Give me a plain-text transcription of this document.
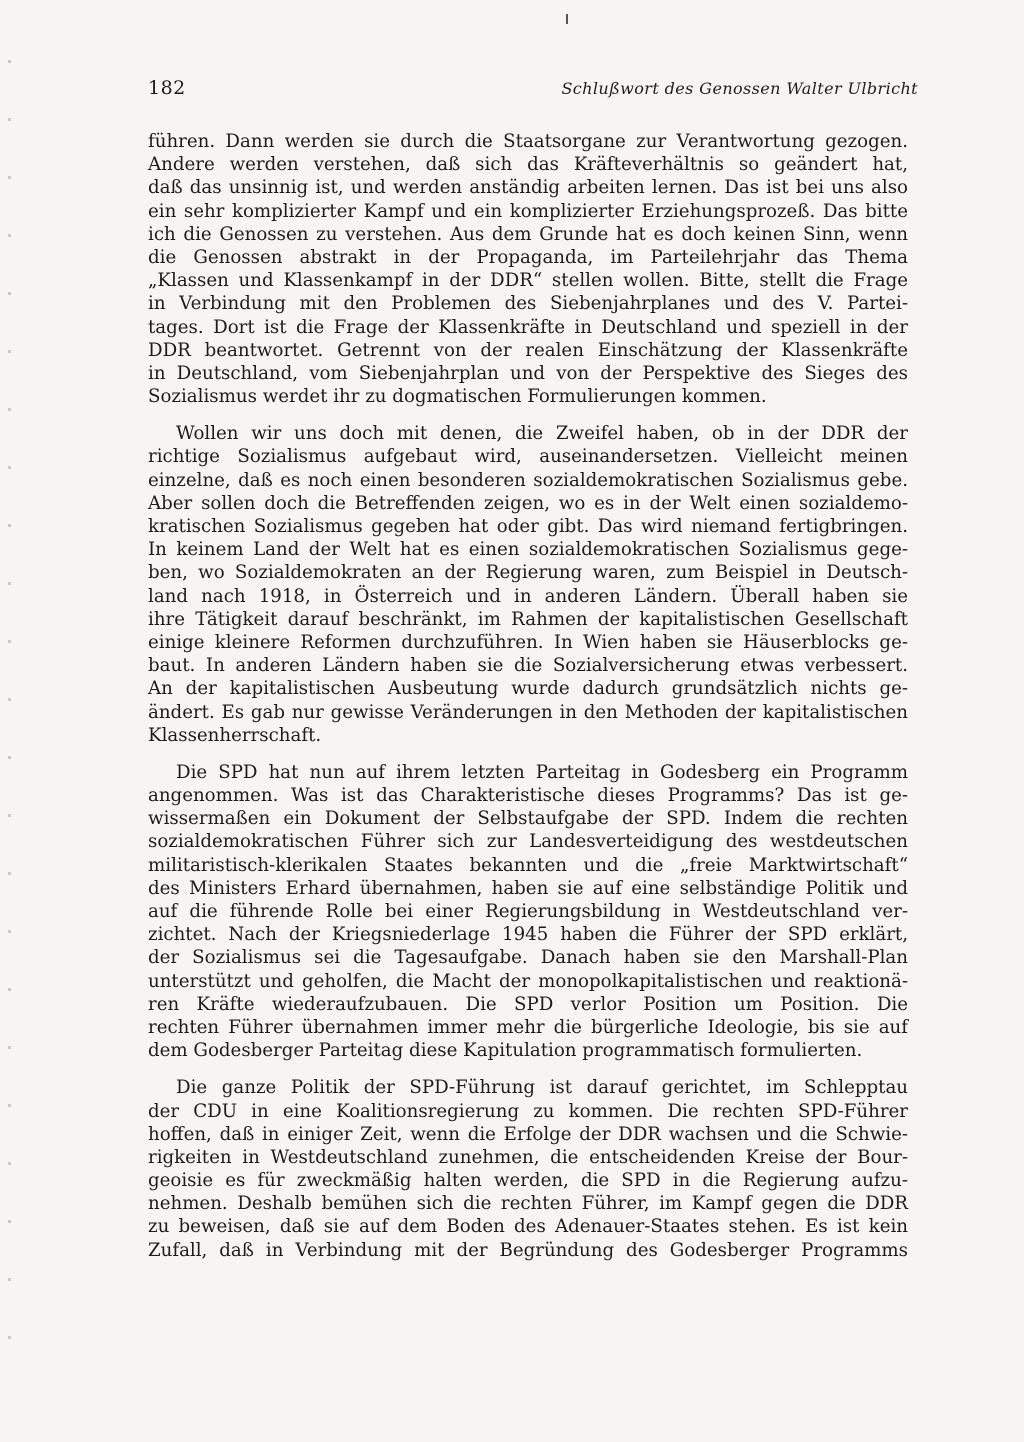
182	Schlußwort des Genossen Walter Ulbricht

führen. Dann werden sie durch die Staatsorgane zur Verantwortung gezogen.
Andere werden verstehen, daß sich das Kräfteverhältnis so geändert hat,
daß das unsinnig ist, und werden anständig arbeiten lernen. Das ist bei uns also
ein sehr komplizierter Kampf und ein komplizierter Erziehungsprozeß. Das bitte
ich die Genossen zu verstehen. Aus dem Grunde hat es doch keinen Sinn, wenn
die Genossen abstrakt in der Propaganda, im Parteilehrjahr das Thema
„Klassen und Klassenkampf in der DDR“ stellen wollen. Bitte, stellt die Frage
in Verbindung mit den Problemen des Siebenjahrplanes und des V. Partei-
tages. Dort ist die Frage der Klassenkräfte in Deutschland und speziell in der
DDR beantwortet. Getrennt von der realen Einschätzung der Klassenkräfte
in Deutschland, vom Siebenjahrplan und von der Perspektive des Sieges des
Sozialismus werdet ihr zu dogmatischen Formulierungen kommen.

Wollen wir uns doch mit denen, die Zweifel haben, ob in der DDR der
richtige Sozialismus aufgebaut wird, auseinandersetzen. Vielleicht meinen
einzelne, daß es noch einen besonderen sozialdemokratischen Sozialismus gebe.
Aber sollen doch die Betreffenden zeigen, wo es in der Welt einen sozialdemo-
kratischen Sozialismus gegeben hat oder gibt. Das wird niemand fertigbringen.
In keinem Land der Welt hat es einen sozialdemokratischen Sozialismus gege-
ben, wo Sozialdemokraten an der Regierung waren, zum Beispiel in Deutsch-
land nach 1918, in Österreich und in anderen Ländern. Überall haben sie
ihre Tätigkeit darauf beschränkt, im Rahmen der kapitalistischen Gesellschaft
einige kleinere Reformen durchzuführen. In Wien haben sie Häuserblocks ge-
baut. In anderen Ländern haben sie die Sozialversicherung etwas verbessert.
An der kapitalistischen Ausbeutung wurde dadurch grundsätzlich nichts ge-
ändert. Es gab nur gewisse Veränderungen in den Methoden der kapitalistischen
Klassenherrschaft.

Die SPD hat nun auf ihrem letzten Parteitag in Godesberg ein Programm
angenommen. Was ist das Charakteristische dieses Programms? Das ist ge-
wissermaßen ein Dokument der Selbstaufgabe der SPD. Indem die rechten
sozialdemokratischen Führer sich zur Landesverteidigung des westdeutschen
militaristisch-klerikalen Staates bekannten und die „freie Marktwirtschaft“
des Ministers Erhard übernahmen, haben sie auf eine selbständige Politik und
auf die führende Rolle bei einer Regierungsbildung in Westdeutschland ver-
zichtet. Nach der Kriegsniederlage 1945 haben die Führer der SPD erklärt,
der Sozialismus sei die Tagesaufgabe. Danach haben sie den Marshall-Plan
unterstützt und geholfen, die Macht der monopolkapitalistischen und reaktionä-
ren Kräfte wiederaufzubauen. Die SPD verlor Position um Position. Die
rechten Führer übernahmen immer mehr die bürgerliche Ideologie, bis sie auf
dem Godesberger Parteitag diese Kapitulation programmatisch formulierten.

Die ganze Politik der SPD-Führung ist darauf gerichtet, im Schlepptau
der CDU in eine Koalitionsregierung zu kommen. Die rechten SPD-Führer
hoffen, daß in einiger Zeit, wenn die Erfolge der DDR wachsen und die Schwie-
rigkeiten in Westdeutschland zunehmen, die entscheidenden Kreise der Bour-
geoisie es für zweckmäßig halten werden, die SPD in die Regierung aufzu-
nehmen. Deshalb bemühen sich die rechten Führer, im Kampf gegen die DDR
zu beweisen, daß sie auf dem Boden des Adenauer-Staates stehen. Es ist kein
Zufall, daß in Verbindung mit der Begründung des Godesberger Programms
